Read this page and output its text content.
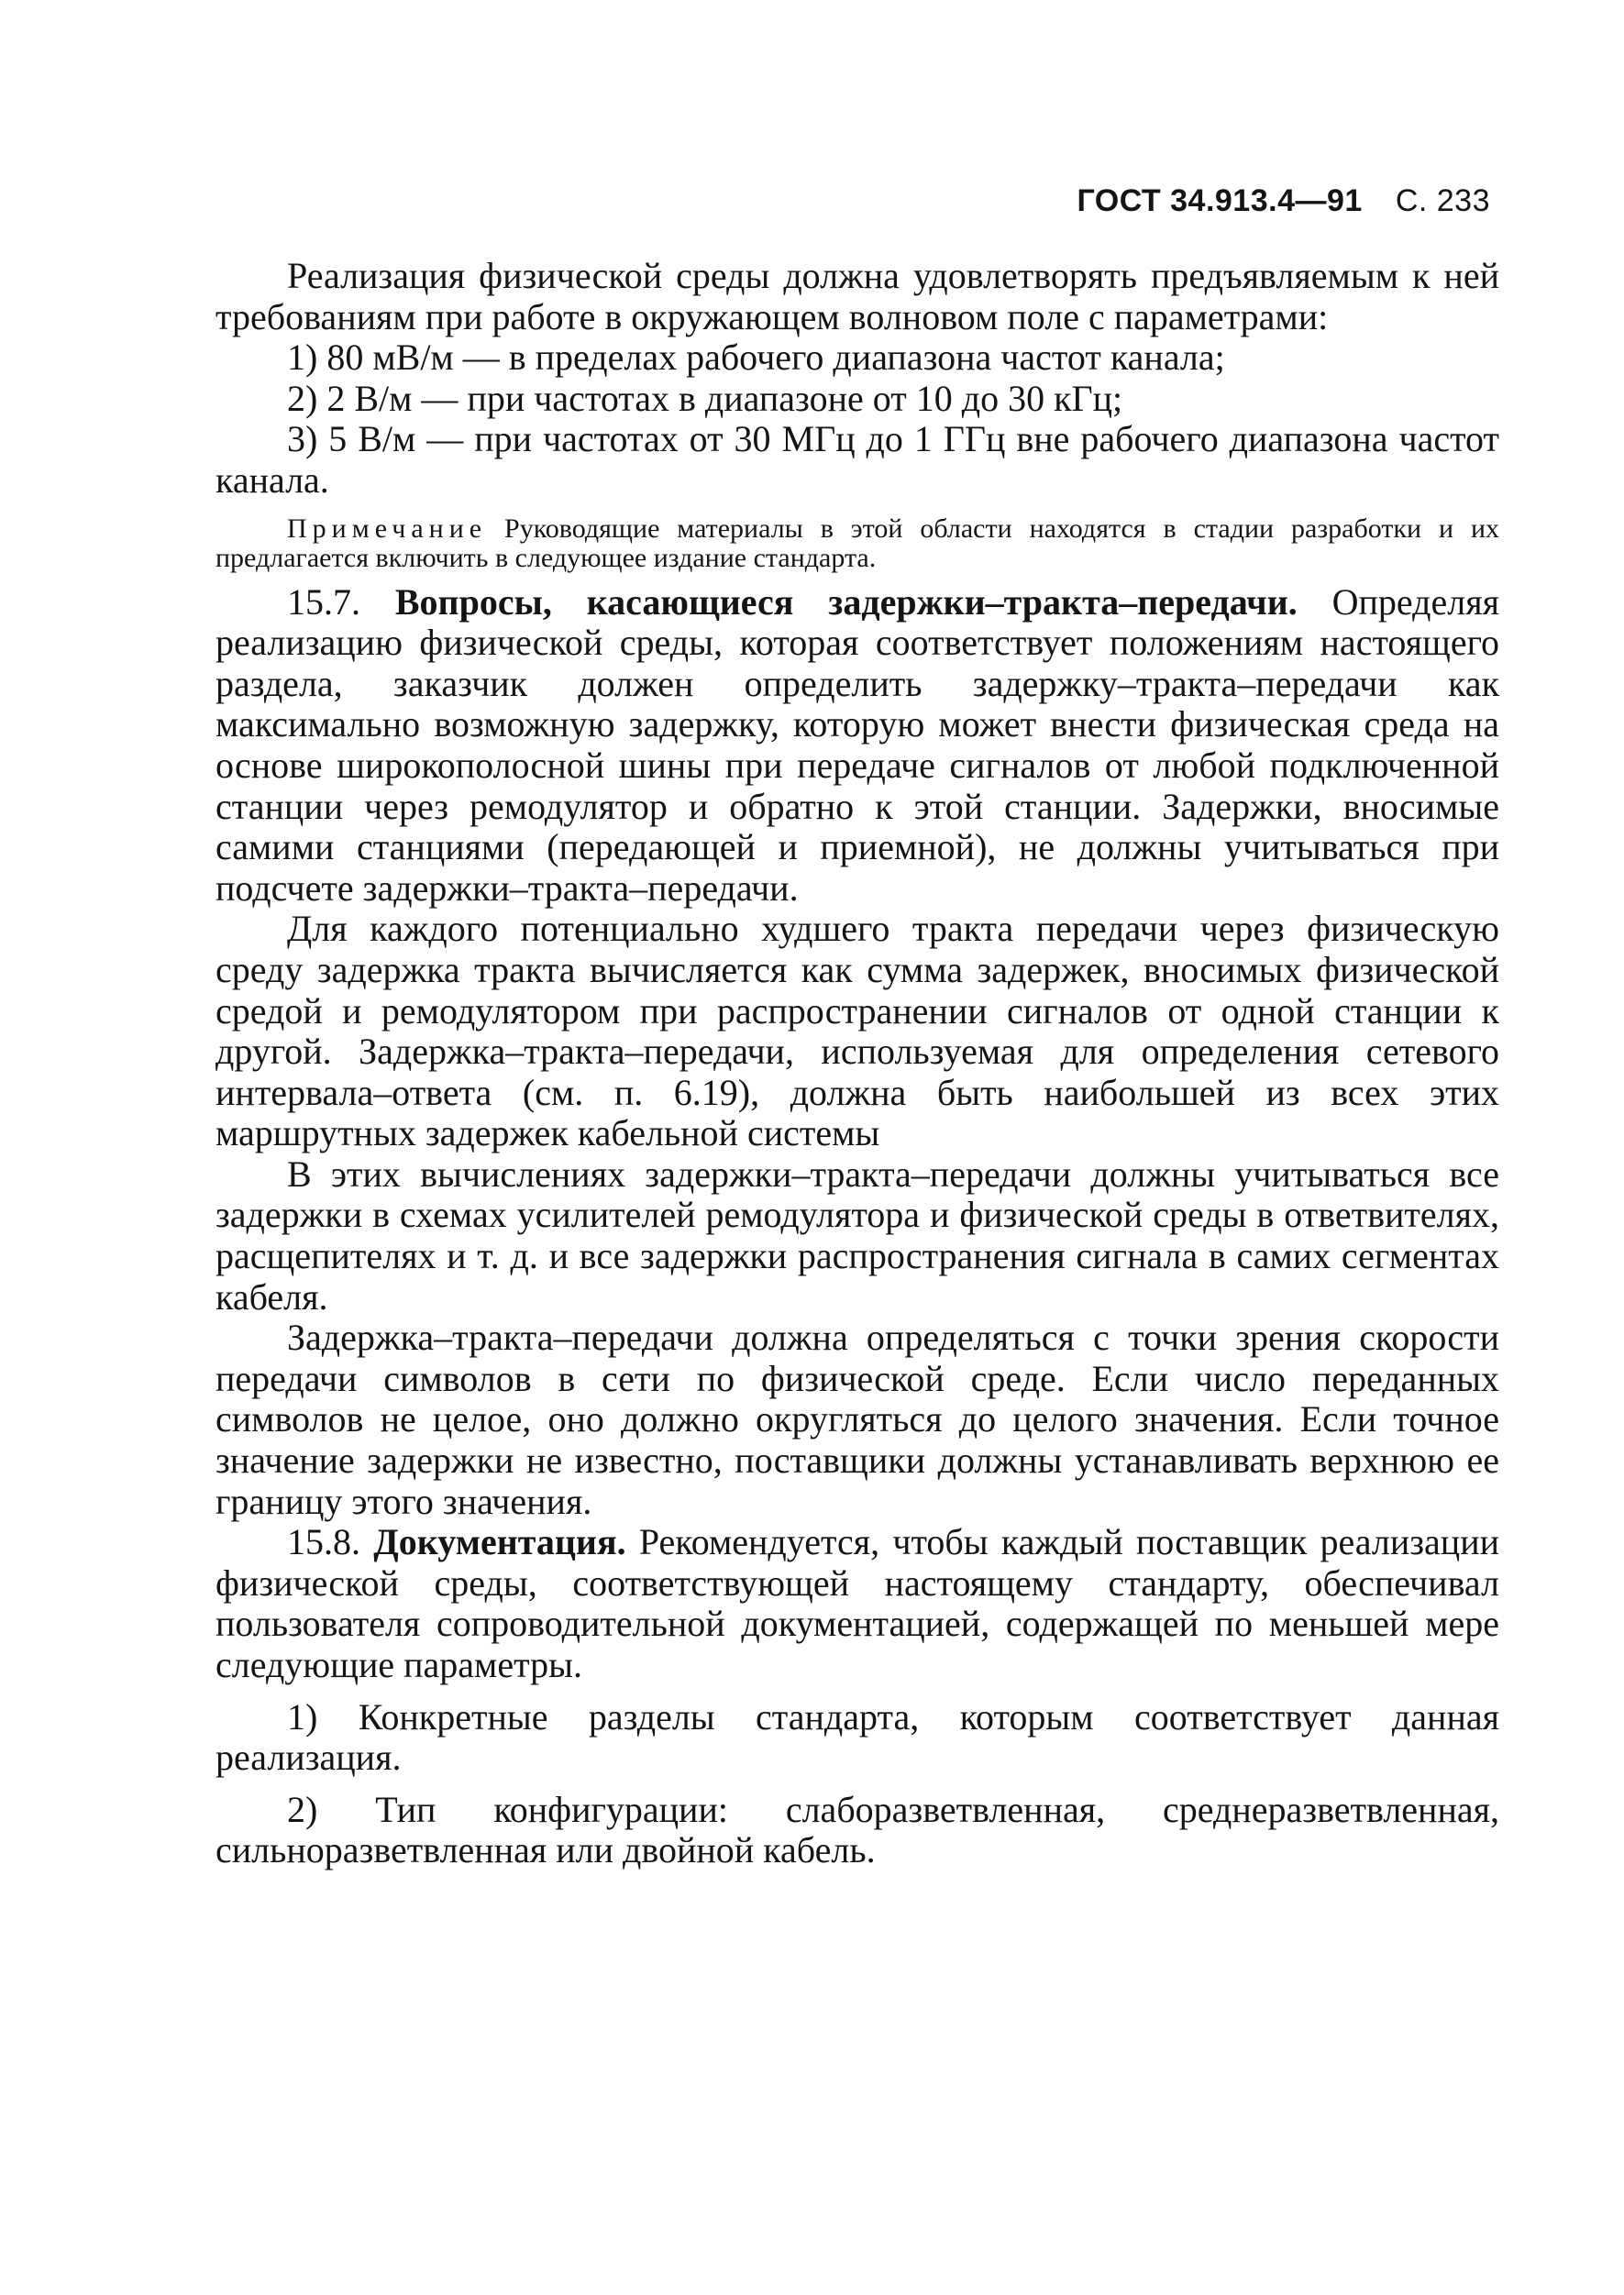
ГОСТ 34.913.4—91 С. 233

Реализация физической среды должна удовлетворять предъявляемым к ней требованиям при работе в окружающем волновом поле с параметрами:

1) 80 мВ/м — в пределах рабочего диапазона частот канала;

2) 2 В/м — при частотах в диапазоне от 10 до 30 кГц;

3) 5 В/м — при частотах от 30 МГц до 1 ГГц вне рабочего диапазона частот канала.

Примечание Руководящие материалы в этой области находятся в стадии разработки и их предлагается включить в следующее издание стандарта.

15.7. Вопросы, касающиеся задержки–тракта–передачи. Определяя реализацию физической среды, которая соответствует положениям настоящего раздела, заказчик должен определить задержку–тракта–передачи как максимально возможную задержку, которую может внести физическая среда на основе широкополосной шины при передаче сигналов от любой подключенной станции через ремодулятор и обратно к этой станции. Задержки, вносимые самими станциями (передающей и приемной), не должны учитываться при подсчете задержки–тракта–передачи.

Для каждого потенциально худшего тракта передачи через физическую среду задержка тракта вычисляется как сумма задержек, вносимых физической средой и ремодулятором при распространении сигналов от одной станции к другой. Задержка–тракта–передачи, используемая для определения сетевого интервала–ответа (см. п. 6.19), должна быть наибольшей из всех этих маршрутных задержек кабельной системы

В этих вычислениях задержки–тракта–передачи должны учитываться все задержки в схемах усилителей ремодулятора и физической среды в ответвителях, расщепителях и т. д. и все задержки распространения сигнала в самих сегментах кабеля.

Задержка–тракта–передачи должна определяться с точки зрения скорости передачи символов в сети по физической среде. Если число переданных символов не целое, оно должно округляться до целого значения. Если точное значение задержки не известно, поставщики должны устанавливать верхнюю ее границу этого значения.

15.8. Документация. Рекомендуется, чтобы каждый поставщик реализации физической среды, соответствующей настоящему стандарту, обеспечивал пользователя сопроводительной документацией, содержащей по меньшей мере следующие параметры.

1) Конкретные разделы стандарта, которым соответствует данная реализация.

2) Тип конфигурации: слаборазветвленная, среднеразветвленная, сильноразветвленная или двойной кабель.
